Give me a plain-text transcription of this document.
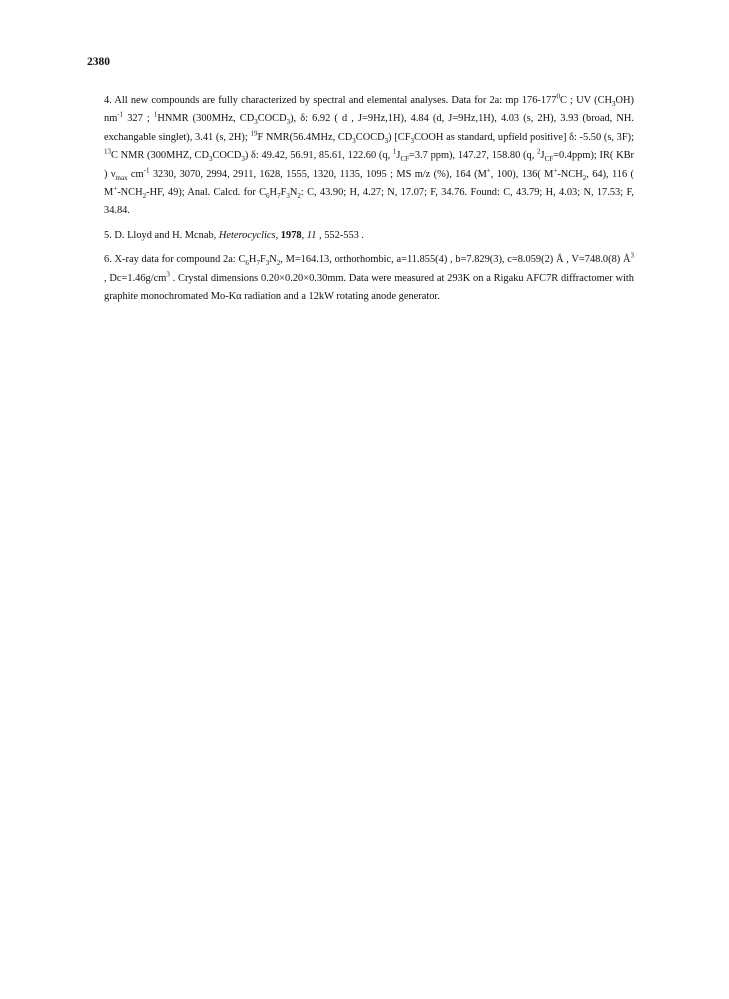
2380

4. All new compounds are fully characterized by spectral and elemental analyses. Data for 2a: mp $176-177^0C$ ; UV $(CH_3OH)$ $nm^{-1}$ 327 ; $^1$HNMR (300MHz, $CD_3COCD_3$), δ: 6.92 ( d , J=9Hz,1H), 4.84 (d, J=9Hz,1H), 4.03 (s, 2H), 3.93 (broad, NH. exchangable singlet), 3.41 (s, 2H); $^{19}$F NMR(56.4MHz, $CD_3COCD_3$) [$CF_3COOH$ as standard, upfield positive] δ: -5.50 (s, 3F); $^{13}$C NMR (300MHZ, $CD_3COCD_3$) δ: 49.42, 56.91, 85.61, 122.60 (q, $^1J_{CF}=3.7$ ppm), 147.27, 158.80 (q, $^2J_{CF}=0.4ppm$); IR( KBr ) $\nu_{max}$ $cm^{-1}$ 3230, 3070, 2994, 2911, 1628, 1555, 1320, 1135, 1095 ; MS m/z (%), 164 (M+, 100), 136( $M^+-NCH_2$, 64), 116 ( $M^+-NCH_2-HF$, 49); Anal. Calcd. for $C_6H_7F_3N_2$: C, 43.90; H, 4.27; N, 17.07; F, 34.76. Found: C, 43.79; H, 4.03; N, 17.53; F, 34.84.

5. D. Lloyd and H. Mcnab, Heterocyclics, 1978, 11 , 552-553 .

6. X-ray data for compound 2a: $C_6H_7F_3N_2$, M=164.13, orthorhombic, a=11.855(4) , b=7.829(3), c=8.059(2) Å , V=748.0(8) $Å^3$ , $Dc=1.46g/cm^3$ . Crystal dimensions 0.20×0.20×0.30mm. Data were measured at 293K on a Rigaku AFC7R diffractomer with graphite monochromated Mo-Kα radiation and a 12kW rotating anode generator.
